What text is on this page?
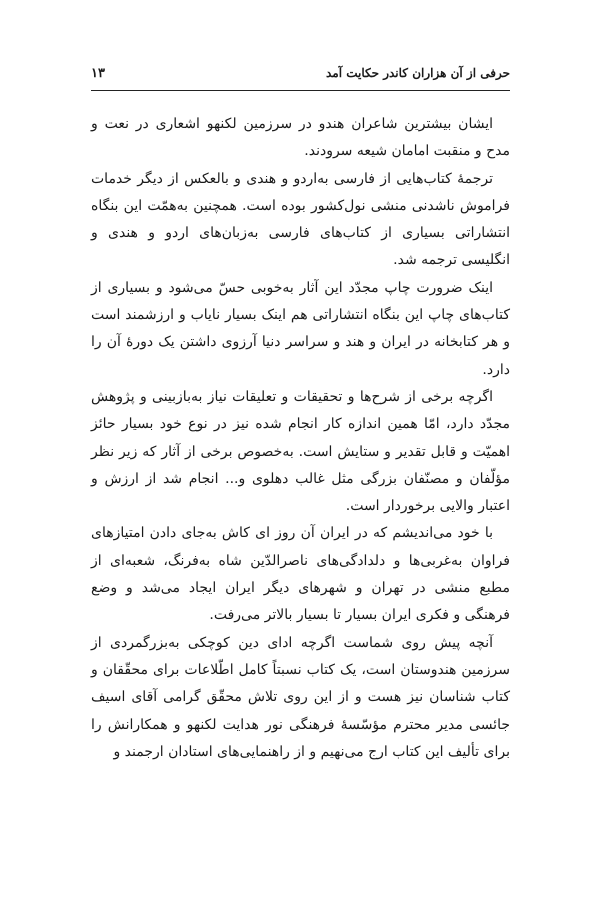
حرفی از آن هزاران کاندر حکایت آمد
۱۳

ایشان بیشترین شاعران هندو در سرزمین لکنهو اشعاری در نعت و مدح و منقبت امامان شیعه سرودند.

ترجمهٔ کتاب‌هایی از فارسی به‌اردو و هندی و بالعکس از دیگر خدمات فراموش ناشدنی منشی نول‌کشور بوده است. همچنین به‌همّت این بنگاه انتشاراتی بسیاری از کتاب‌های فارسی به‌زبان‌های اردو و هندی و انگلیسی ترجمه شد.

اینک ضرورت چاپ مجدّد این آثار به‌خوبی حسّ می‌شود و بسیاری از کتاب‌های چاپ این بنگاه انتشاراتی هم اینک بسیار نایاب و ارزشمند است و هر کتابخانه در ایران و هند و سراسر دنیا آرزوی داشتن یک دورهٔ آن را دارد.

اگرچه برخی از شرح‌ها و تحقیقات و تعلیقات نیاز به‌بازبینی و پژوهش مجدّد دارد، امّا همین اندازه کار انجام شده نیز در نوع خود بسیار حائز اهمیّت و قابل تقدیر و ستایش است. به‌خصوص برخی از آثار که زیر نظر مؤلّفان و مصنّفان بزرگی مثل غالب دهلوی و... انجام شد از ارزش و اعتبار والایی برخوردار است.

با خود می‌اندیشم که در ایران آن روز ای کاش به‌جای دادن امتیازهای فراوان به‌غربی‌ها و دلدادگی‌های ناصرالدّین شاه به‌فرنگ، شعبه‌ای از مطبع منشی در تهران و شهرهای دیگر ایران ایجاد می‌شد و وضع فرهنگی و فکری ایران بسیار تا بسیار بالاتر می‌رفت.

آنچه پیش روی شماست اگرچه ادای دین کوچکی به‌بزرگمردی از سرزمین هندوستان است، یک کتاب نسبتاً کامل اطّلاعات برای محقّقان و کتاب شناسان نیز هست و از این روی تلاش محقّق گرامی آقای اسیف جائسی مدیر محترم مؤسّسهٔ فرهنگی نور هدایت لکنهو و همکارانش را برای تألیف این کتاب ارج می‌نهیم و از راهنمایی‌های استادان ارجمند و
